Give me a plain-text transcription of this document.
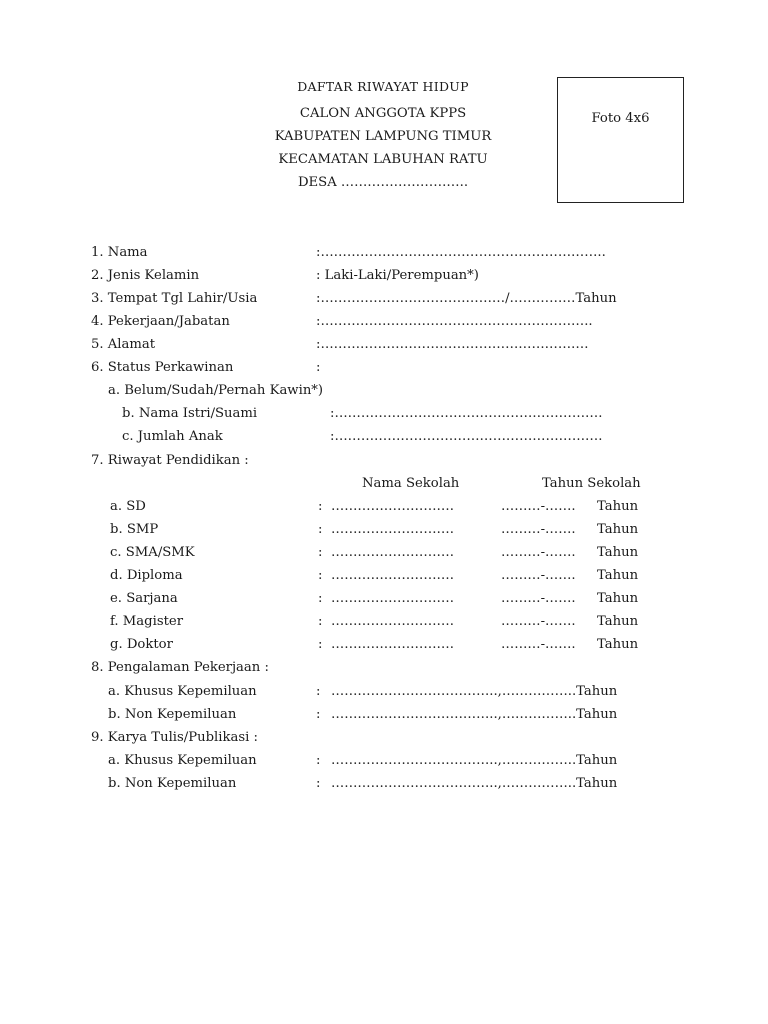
DAFTAR RIWAYAT HIDUP
CALON ANGGOTA KPPS
KABUPATEN LAMPUNG TIMUR
KECAMATAN LABUHAN RATU
DESA ………………………..
Foto 4x6
1. Nama	:………………………………………………………..
2. Jenis Kelamin	: Laki-Laki/Perempuan*)
3. Tempat Tgl Lahir/Usia	:……………………………………/……………Tahun
4. Pekerjaan/Jabatan	:……………………………………………………..
5. Alamat	:…………………………………………………….
6. Status Perkawinan	:
a. Belum/Sudah/Pernah Kawin*)
b. Nama Istri/Suami	:…………………………………………………….
c. Jumlah Anak	:…………………………………………………….
7. Riwayat Pendidikan :
Nama Sekolah	Tahun Sekolah
a. SD	: ……………………….	………-……. Tahun
b. SMP	: ……………………….	………-……. Tahun
c. SMA/SMK	: ……………………….	………-……. Tahun
d. Diploma	: ……………………….	………-……. Tahun
e. Sarjana	: ……………………….	………-……. Tahun
f. Magister	: ……………………….	………-……. Tahun
g. Doktor	: ……………………….	………-……. Tahun
8. Pengalaman Pekerjaan :
a. Khusus Kepemiluan	: ………………………………..,……………..Tahun
b. Non Kepemiluan	: ………………………………..,……………..Tahun
9. Karya Tulis/Publikasi :
a. Khusus Kepemiluan	: ………………………………..,……………..Tahun
b. Non Kepemiluan	: ………………………………..,……………..Tahun
